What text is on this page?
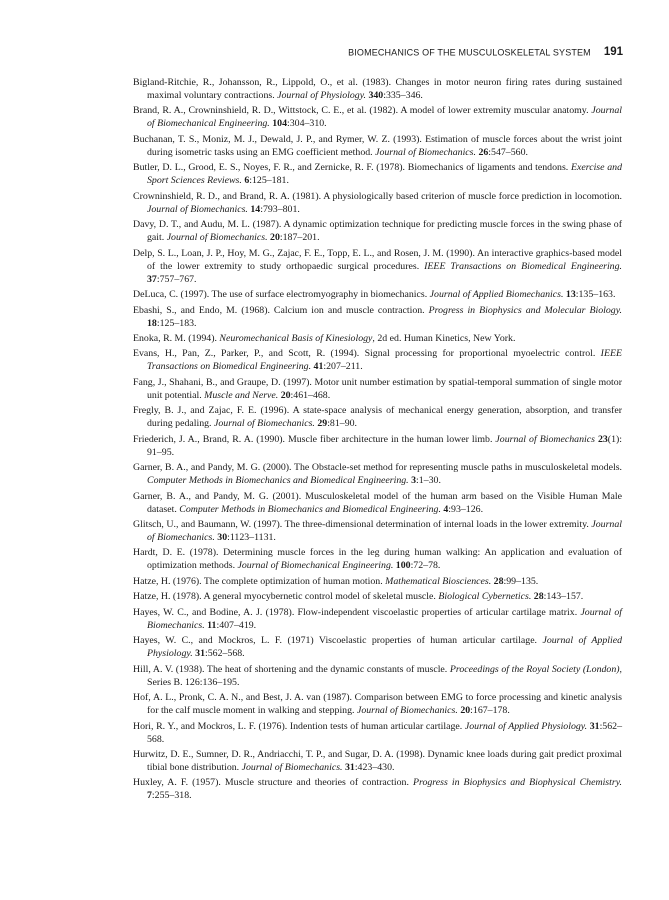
BIOMECHANICS OF THE MUSCULOSKELETAL SYSTEM 191
Bigland-Ritchie, R., Johansson, R., Lippold, O., et al. (1983). Changes in motor neuron firing rates during sustained maximal voluntary contractions. Journal of Physiology. 340:335–346.
Brand, R. A., Crowninshield, R. D., Wittstock, C. E., et al. (1982). A model of lower extremity muscular anatomy. Journal of Biomechanical Engineering. 104:304–310.
Buchanan, T. S., Moniz, M. J., Dewald, J. P., and Rymer, W. Z. (1993). Estimation of muscle forces about the wrist joint during isometric tasks using an EMG coefficient method. Journal of Biomechanics. 26:547–560.
Butler, D. L., Grood, E. S., Noyes, F. R., and Zernicke, R. F. (1978). Biomechanics of ligaments and tendons. Exercise and Sport Sciences Reviews. 6:125–181.
Crowninshield, R. D., and Brand, R. A. (1981). A physiologically based criterion of muscle force prediction in locomotion. Journal of Biomechanics. 14:793–801.
Davy, D. T., and Audu, M. L. (1987). A dynamic optimization technique for predicting muscle forces in the swing phase of gait. Journal of Biomechanics. 20:187–201.
Delp, S. L., Loan, J. P., Hoy, M. G., Zajac, F. E., Topp, E. L., and Rosen, J. M. (1990). An interactive graphics-based model of the lower extremity to study orthopaedic surgical procedures. IEEE Transactions on Biomedical Engineering. 37:757–767.
DeLuca, C. (1997). The use of surface electromyography in biomechanics. Journal of Applied Biomechanics. 13:135–163.
Ebashi, S., and Endo, M. (1968). Calcium ion and muscle contraction. Progress in Biophysics and Molecular Biology. 18:125–183.
Enoka, R. M. (1994). Neuromechanical Basis of Kinesiology, 2d ed. Human Kinetics, New York.
Evans, H., Pan, Z., Parker, P., and Scott, R. (1994). Signal processing for proportional myoelectric control. IEEE Transactions on Biomedical Engineering. 41:207–211.
Fang, J., Shahani, B., and Graupe, D. (1997). Motor unit number estimation by spatial-temporal summation of single motor unit potential. Muscle and Nerve. 20:461–468.
Fregly, B. J., and Zajac, F. E. (1996). A state-space analysis of mechanical energy generation, absorption, and transfer during pedaling. Journal of Biomechanics. 29:81–90.
Friederich, J. A., Brand, R. A. (1990). Muscle fiber architecture in the human lower limb. Journal of Biomechanics 23(1): 91–95.
Garner, B. A., and Pandy, M. G. (2000). The Obstacle-set method for representing muscle paths in musculoskeletal models. Computer Methods in Biomechanics and Biomedical Engineering. 3:1–30.
Garner, B. A., and Pandy, M. G. (2001). Musculoskeletal model of the human arm based on the Visible Human Male dataset. Computer Methods in Biomechanics and Biomedical Engineering. 4:93–126.
Glitsch, U., and Baumann, W. (1997). The three-dimensional determination of internal loads in the lower extremity. Journal of Biomechanics. 30:1123–1131.
Hardt, D. E. (1978). Determining muscle forces in the leg during human walking: An application and evaluation of optimization methods. Journal of Biomechanical Engineering. 100:72–78.
Hatze, H. (1976). The complete optimization of human motion. Mathematical Biosciences. 28:99–135.
Hatze, H. (1978). A general myocybernetic control model of skeletal muscle. Biological Cybernetics. 28:143–157.
Hayes, W. C., and Bodine, A. J. (1978). Flow-independent viscoelastic properties of articular cartilage matrix. Journal of Biomechanics. 11:407–419.
Hayes, W. C., and Mockros, L. F. (1971) Viscoelastic properties of human articular cartilage. Journal of Applied Physiology. 31:562–568.
Hill, A. V. (1938). The heat of shortening and the dynamic constants of muscle. Proceedings of the Royal Society (London), Series B. 126:136–195.
Hof, A. L., Pronk, C. A. N., and Best, J. A. van (1987). Comparison between EMG to force processing and kinetic analysis for the calf muscle moment in walking and stepping. Journal of Biomechanics. 20:167–178.
Hori, R. Y., and Mockros, L. F. (1976). Indention tests of human articular cartilage. Journal of Applied Physiology. 31:562–568.
Hurwitz, D. E., Sumner, D. R., Andriacchi, T. P., and Sugar, D. A. (1998). Dynamic knee loads during gait predict proximal tibial bone distribution. Journal of Biomechanics. 31:423–430.
Huxley, A. F. (1957). Muscle structure and theories of contraction. Progress in Biophysics and Biophysical Chemistry. 7:255–318.
